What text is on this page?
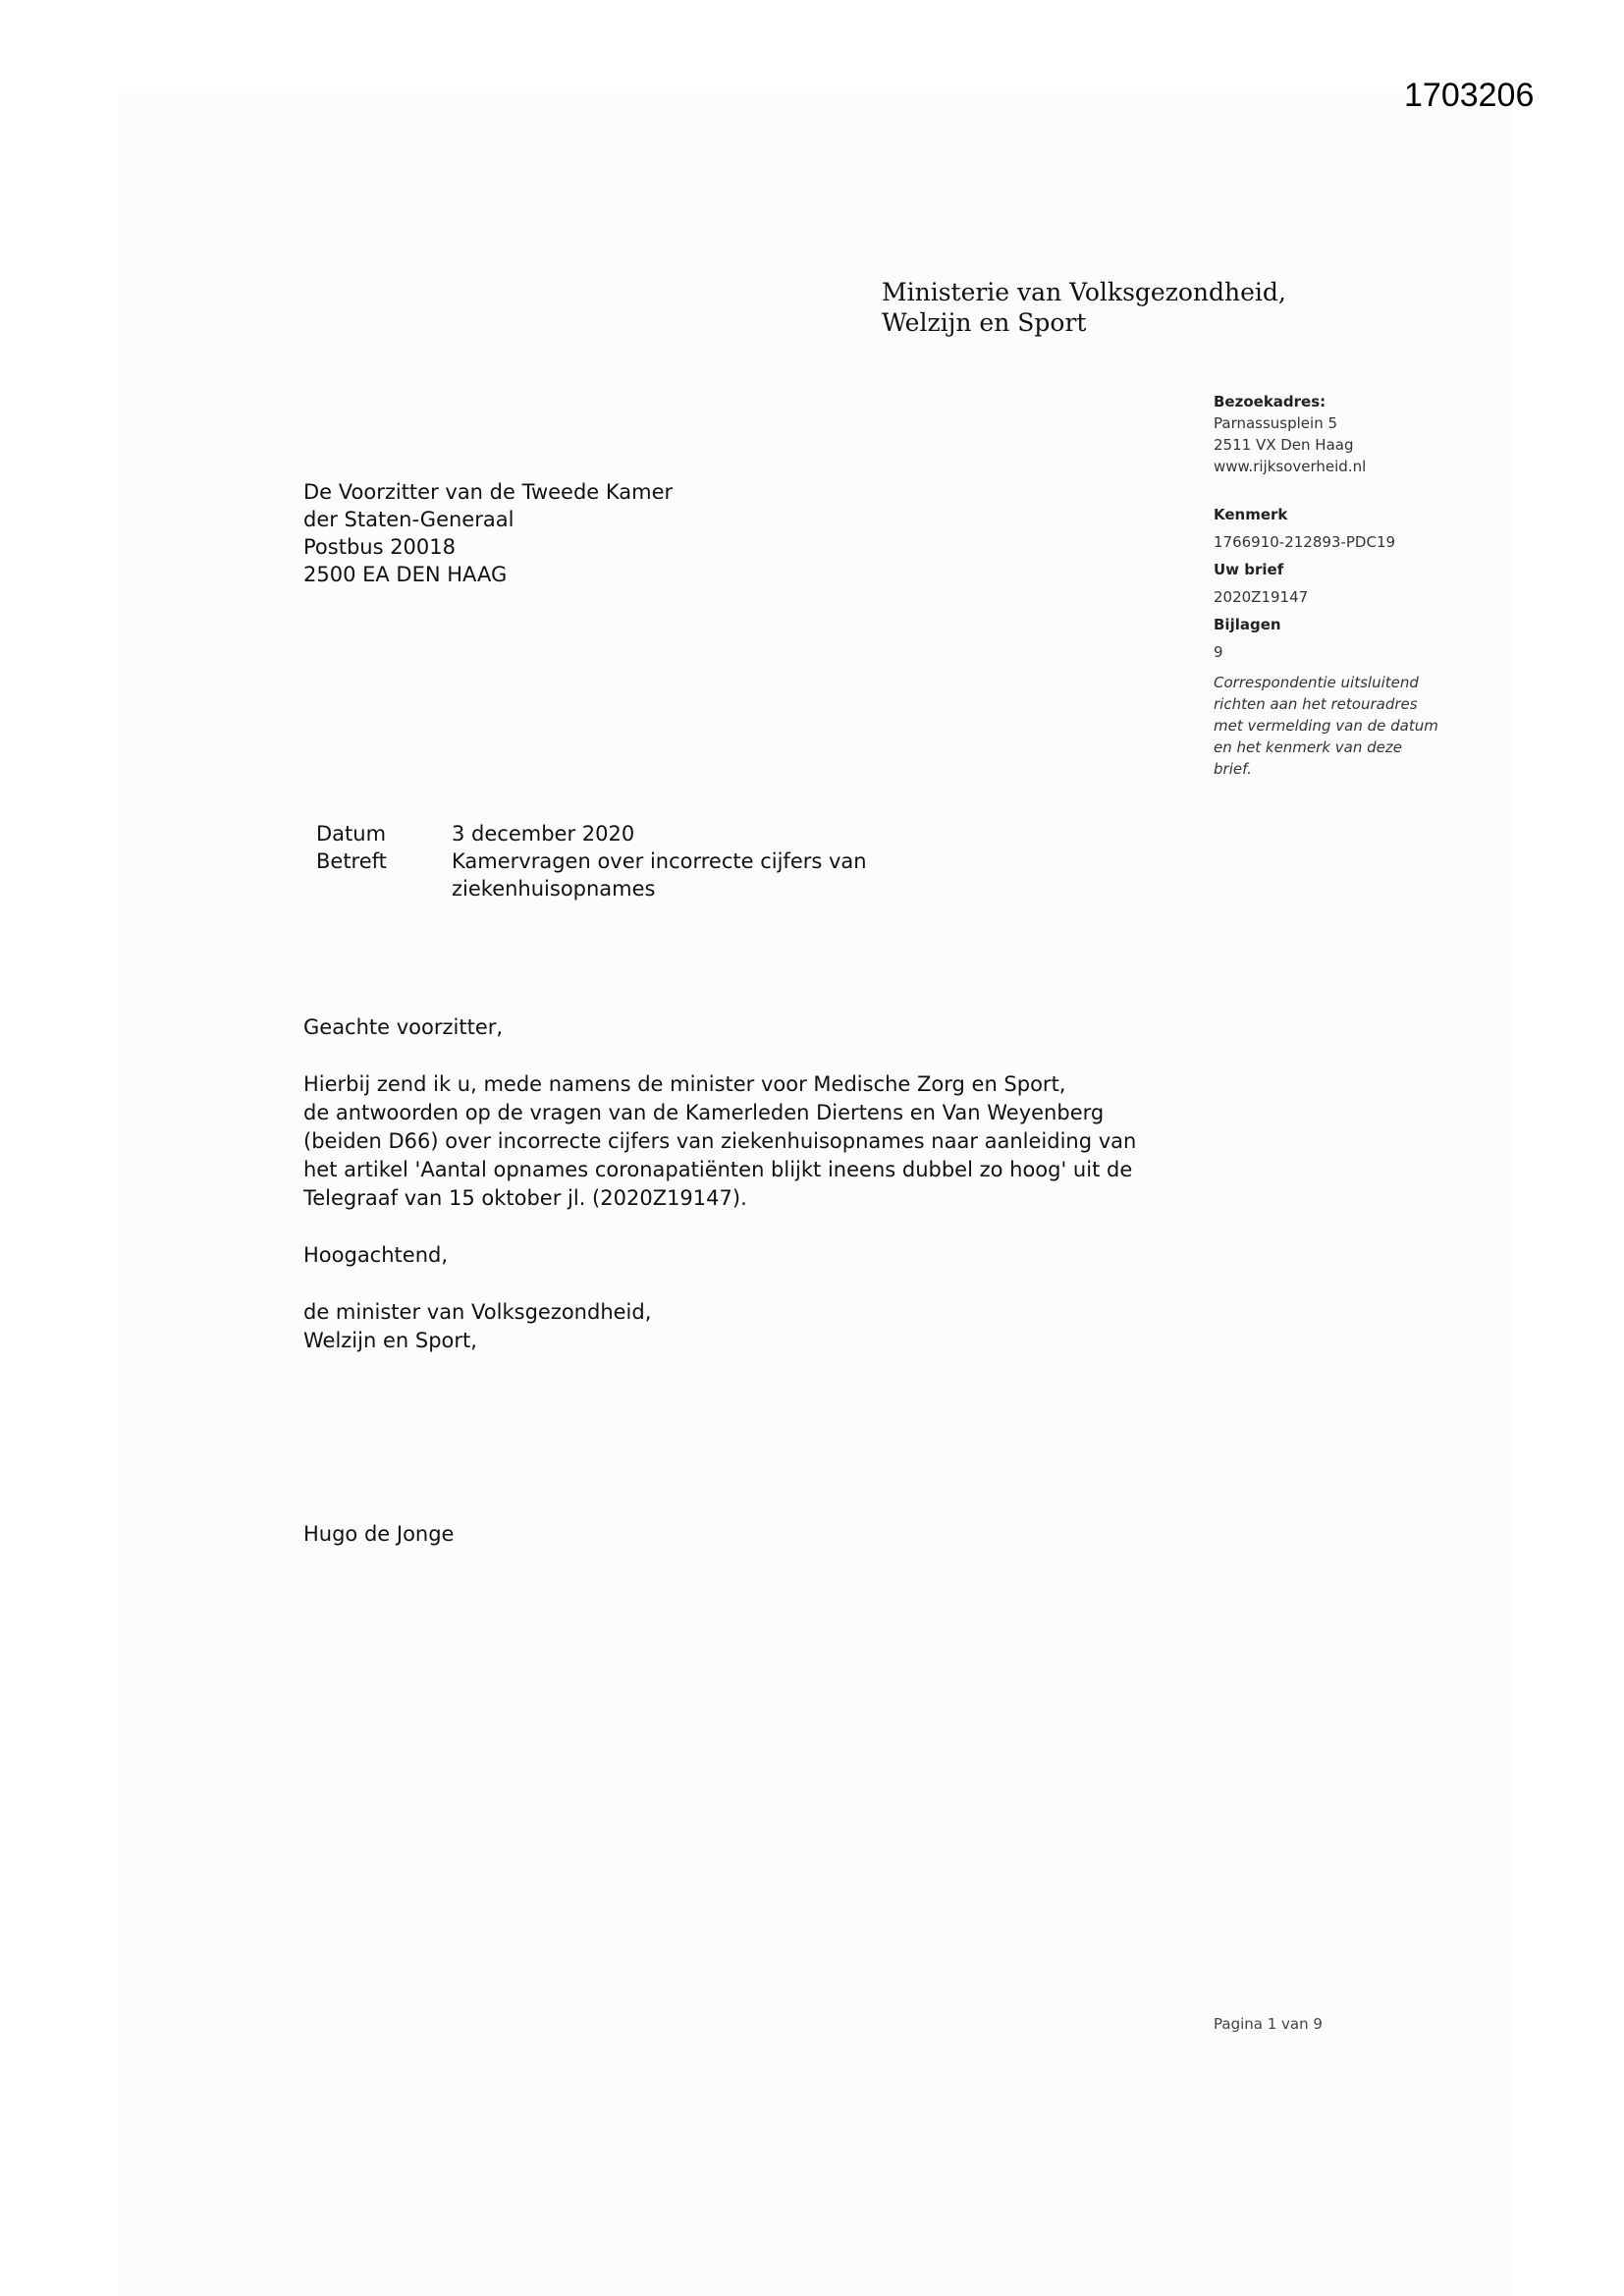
1703206
Ministerie van Volksgezondheid,
Welzijn en Sport
Bezoekadres:
Parnassusplein 5
2511 VX Den Haag
www.rijksoverheid.nl
Kenmerk
1766910-212893-PDC19
Uw brief
2020Z19147
Bijlagen
9
Correspondentie uitsluitend
richten aan het retouradres
met vermelding van de datum
en het kenmerk van deze
brief.
De Voorzitter van de Tweede Kamer
der Staten-Generaal
Postbus 20018
2500 EA DEN HAAG
Datum	3 december 2020
Betreft	Kamervragen over incorrecte cijfers van
ziekenhuisopnames

Geachte voorzitter,

Hierbij zend ik u, mede namens de minister voor Medische Zorg en Sport,
de antwoorden op de vragen van de Kamerleden Diertens en Van Weyenberg
(beiden D66) over incorrecte cijfers van ziekenhuisopnames naar aanleiding van
het artikel 'Aantal opnames coronapatiënten blijkt ineens dubbel zo hoog' uit de
Telegraaf van 15 oktober jl. (2020Z19147).

Hoogachtend,

de minister van Volksgezondheid,
Welzijn en Sport,
Hugo de Jonge
Pagina 1 van 9
